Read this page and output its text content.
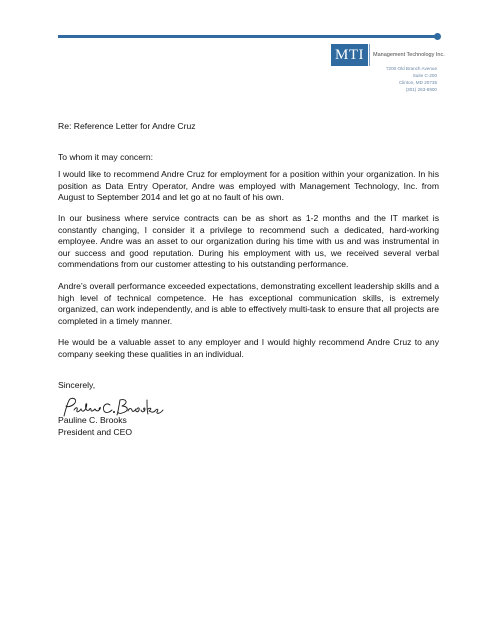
MTI	Management Technology Inc.
7200 Old Branch Avenue
Suite C-200
Clinton, MD 20735
(301) 263-8900
Re: Reference Letter for Andre Cruz
To whom it may concern:
I would like to recommend Andre Cruz for employment for a position within your organization. In his position as Data Entry Operator, Andre was employed with Management Technology, Inc. from August to September 2014 and let go at no fault of his own.
In our business where service contracts can be as short as 1-2 months and the IT market is constantly changing, I consider it a privilege to recommend such a dedicated, hard-working employee. Andre was an asset to our organization during his time with us and was instrumental in our success and good reputation. During his employment with us, we received several verbal commendations from our customer attesting to his outstanding performance.
Andre’s overall performance exceeded expectations, demonstrating excellent leadership skills and a high level of technical competence. He has exceptional communication skills, is extremely organized, can work independently, and is able to effectively multi-task to ensure that all projects are completed in a timely manner.
He would be a valuable asset to any employer and I would highly recommend Andre Cruz to any company seeking these qualities in an individual.
Sincerely,
Pauline C. Brooks
President and CEO
